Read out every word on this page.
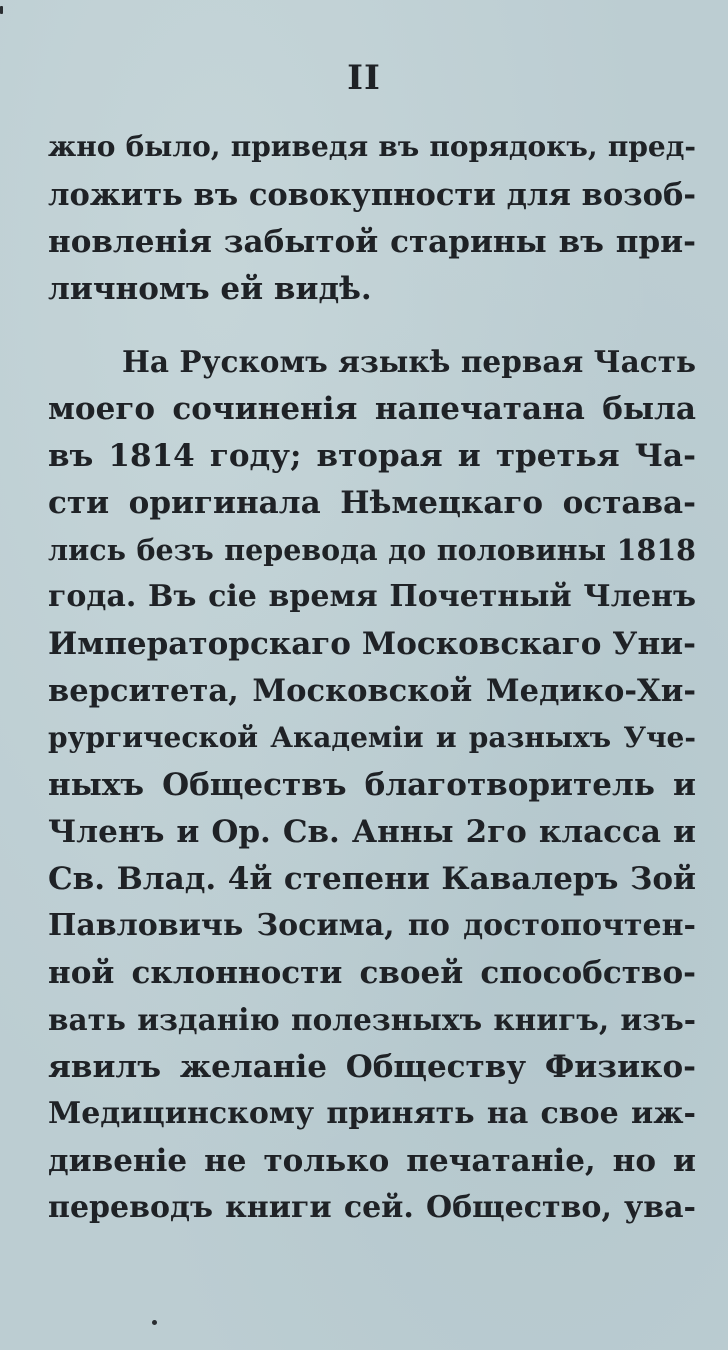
II
жно было, приведя въ порядокъ, пред-
ложить въ совокупности для возоб-
новленія забытой старины въ при-
личномъ ей видѣ.
На Рускомъ языкѣ первая Часть
моего сочиненія напечатана была
въ 1814 году; вторая и третья Ча-
сти оригинала Нѣмецкаго оставa-
лись безъ перевода до половины 1818
года. Въ сіе время Почетный Членъ
Императорскаго Московскаго Уни-
верситета, Московской Медико-Хи-
рургической Академіи и разныхъ Уче-
ныхъ Обществъ благотворитель и
Членъ и Ор. Св. Анны 2го класса и
Св. Влад. 4й степени Кавалеръ Зой
Павловичь Зосима, по достопочтен-
ной склонности своей способство-
вать изданію полезныхъ книгъ, изъ-
явилъ желаніе Обществу Физико-
Медицинскому принять на свое иж-
дивеніе не только печатаніе, но и
переводъ книги сей. Общество, ува-
